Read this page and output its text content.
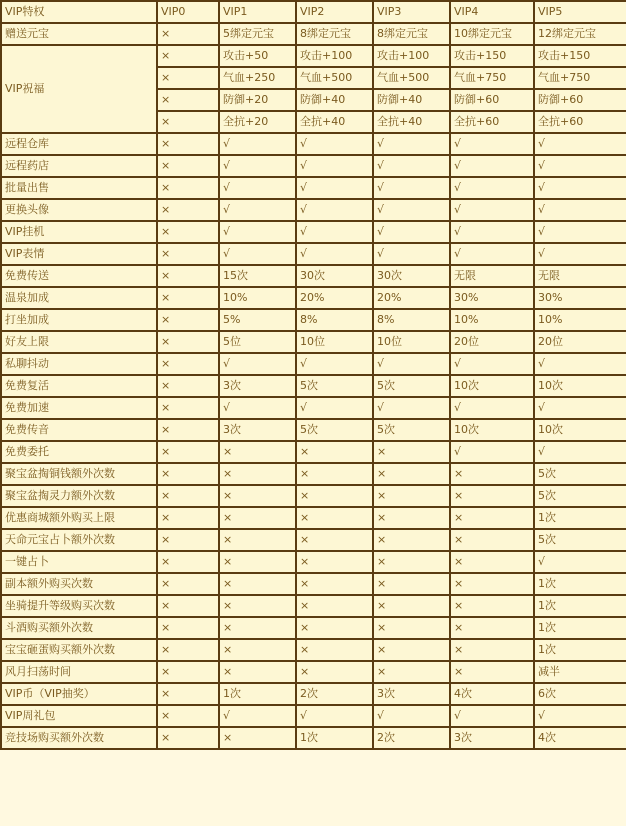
VIP特权	VIP0	VIP1	VIP2	VIP3	VIP4	VIP5
赠送元宝	×	5绑定元宝	8绑定元宝	8绑定元宝	10绑定元宝	12绑定元宝
VIP祝福	×	攻击+50	攻击+100	攻击+100	攻击+150	攻击+150
	×	气血+250	气血+500	气血+500	气血+750	气血+750
	×	防御+20	防御+40	防御+40	防御+60	防御+60
	×	全抗+20	全抗+40	全抗+40	全抗+60	全抗+60
远程仓库	×	√	√	√	√	√
远程药店	×	√	√	√	√	√
批量出售	×	√	√	√	√	√
更换头像	×	√	√	√	√	√
VIP挂机	×	√	√	√	√	√
VIP表情	×	√	√	√	√	√
免费传送	×	15次	30次	30次	无限	无限
温泉加成	×	10%	20%	20%	30%	30%
打坐加成	×	5%	8%	8%	10%	10%
好友上限	×	5位	10位	10位	20位	20位
私聊抖动	×	√	√	√	√	√
免费复活	×	3次	5次	5次	10次	10次
免费加速	×	√	√	√	√	√
免费传音	×	3次	5次	5次	10次	10次
免费委托	×	×	×	×	√	√
聚宝盆掏铜钱额外次数	×	×	×	×	×	5次
聚宝盆掏灵力额外次数	×	×	×	×	×	5次
优惠商城额外购买上限	×	×	×	×	×	1次
天命元宝占卜额外次数	×	×	×	×	×	5次
一键占卜	×	×	×	×	×	√
副本额外购买次数	×	×	×	×	×	1次
坐骑提升等级购买次数	×	×	×	×	×	1次
斗酒购买额外次数	×	×	×	×	×	1次
宝宝砸蛋购买额外次数	×	×	×	×	×	1次
风月扫荡时间	×	×	×	×	×	减半
VIP币（VIP抽奖）	×	1次	2次	3次	4次	6次
VIP周礼包	×	√	√	√	√	√
竞技场购买额外次数	×	×	1次	2次	3次	4次
